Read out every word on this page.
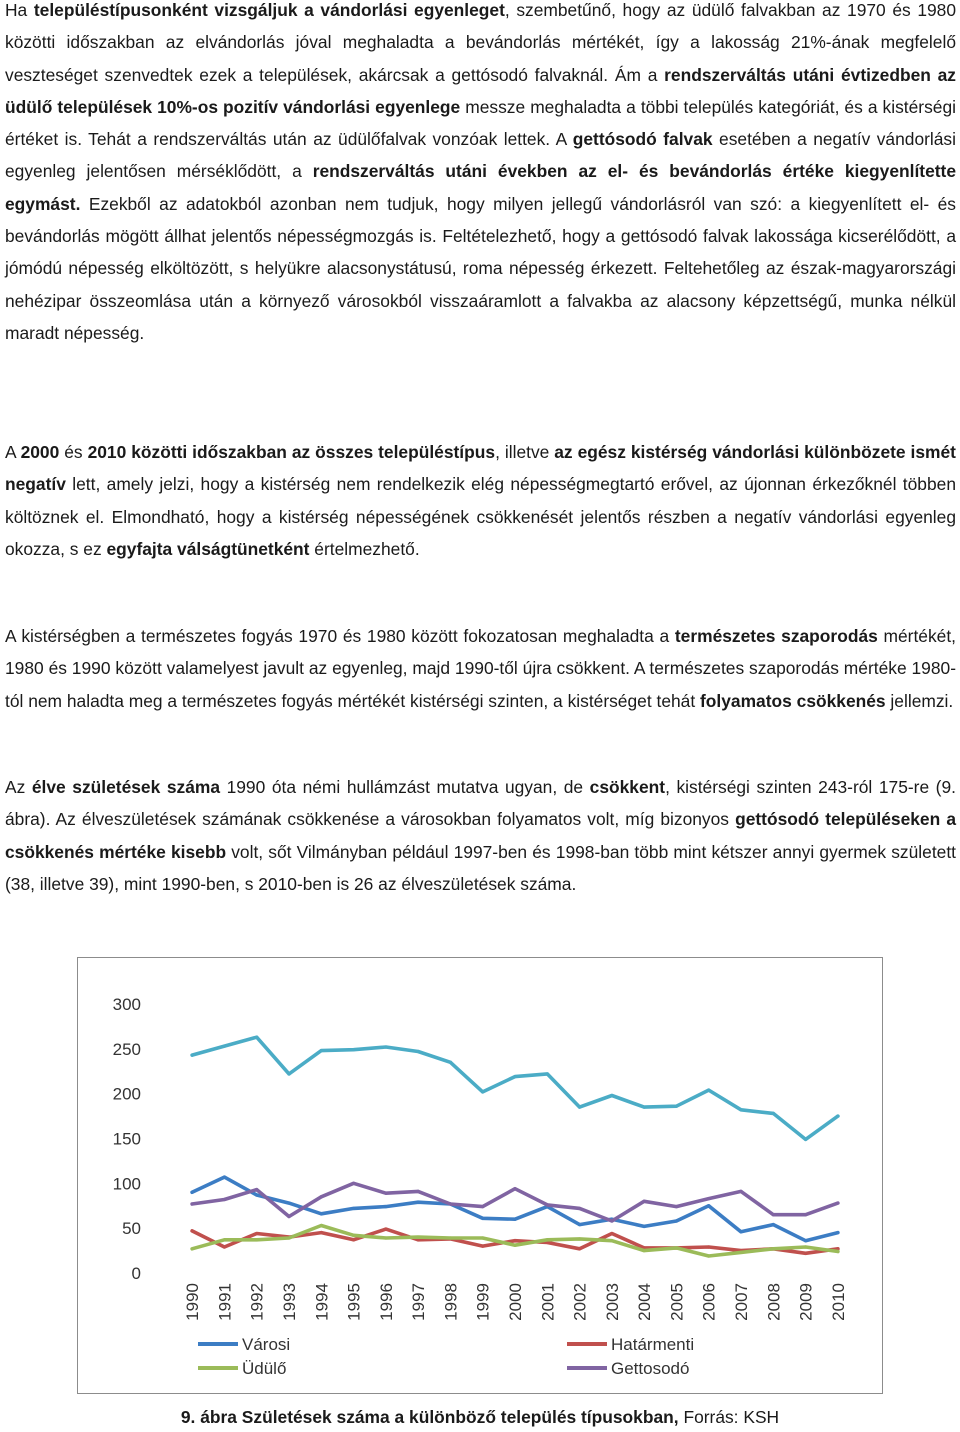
Ha településtípusonként vizsgáljuk a vándorlási egyenleget, szembetűnő, hogy az üdülő falvakban az 1970 és 1980 közötti időszakban az elvándorlás jóval meghaladta a bevándorlás mértékét, így a lakosság 21%-ának megfelelő veszteséget szenvedtek ezek a települések, akárcsak a gettósodó falvaknál. Ám a rendszerváltás utáni évtizedben az üdülő települések 10%-os pozitív vándorlási egyenlege messze meghaladta a többi település kategóriát, és a kistérségi értéket is. Tehát a rendszerváltás után az üdülőfalvak vonzóak lettek. A gettósodó falvak esetében a negatív vándorlási egyenleg jelentősen mérséklődött, a rendszerváltás utáni években az el- és bevándorlás értéke kiegyenlítette egymást. Ezekből az adatokból azonban nem tudjuk, hogy milyen jellegű vándorlásról van szó: a kiegyenlített el- és bevándorlás mögött állhat jelentős népességmozgás is. Feltételezhető, hogy a gettósodó falvak lakossága kicserélődött, a jómódú népesség elköltözött, s helyükre alacsonystátusú, roma népesség érkezett. Feltehetőleg az észak-magyarországi nehézipar összeomlása után a környező városokból visszaáramlott a falvakba az alacsony képzettségű, munka nélkül maradt népesség.

A 2000 és 2010 közötti időszakban az összes településtípus, illetve az egész kistérség vándorlási különbözete ismét negatív lett, amely jelzi, hogy a kistérség nem rendelkezik elég népességmegtartó erővel, az újonnan érkezőknél többen költöznek el. Elmondható, hogy a kistérség népességének csökkenését jelentős részben a negatív vándorlási egyenleg okozza, s ez egyfajta válságtünetként értelmezhető.

A kistérségben a természetes fogyás 1970 és 1980 között fokozatosan meghaladta a természetes szaporodás mértékét, 1980 és 1990 között valamelyest javult az egyenleg, majd 1990-től újra csökkent. A természetes szaporodás mértéke 1980-tól nem haladta meg a természetes fogyás mértékét kistérségi szinten, a kistérséget tehát folyamatos csökkenés jellemzi.

Az élve születések száma 1990 óta némi hullámzást mutatva ugyan, de csökkent, kistérségi szinten 243-ról 175-re (9. ábra). Az élveszületések számának csökkenése a városokban folyamatos volt, míg bizonyos gettósodó településeken a csökkenés mértéke kisebb volt, sőt Vilmányban például 1997-ben és 1998-ban több mint kétszer annyi gyermek született (38, illetve 39), mint 1990-ben, s 2010-ben is 26 az élveszületések száma.

0
50
100
150
200
250
300
1990 1991 1992 1993 1994 1995 1996 1997 1998 1999 2000 2001 2002 2003 2004 2005 2006 2007 2008 2009 2010
Városi	Határmenti
Üdülő	Gettosodó
9. ábra Születések száma a különböző település típusokban, Forrás: KSH
